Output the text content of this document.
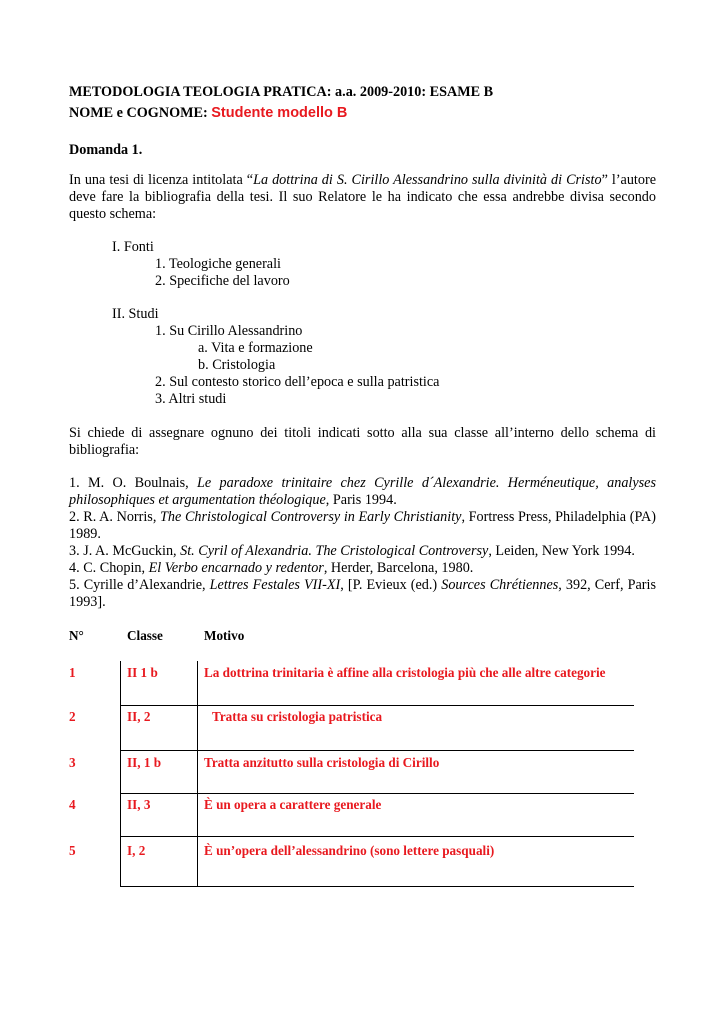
METODOLOGIA TEOLOGIA PRATICA: a.a. 2009-2010: ESAME B
NOME e COGNOME: Studente modello B
Domanda 1.
In una tesi di licenza intitolata “La dottrina di S. Cirillo Alessandrino sulla divinità di Cristo” l’autore deve fare la bibliografia della tesi. Il suo Relatore le ha indicato che essa andrebbe divisa secondo questo schema:
I. Fonti
1. Teologiche generali
2. Specifiche del lavoro
II. Studi
1. Su Cirillo Alessandrino
a. Vita e formazione
b. Cristologia
2. Sul contesto storico dell’epoca e sulla patristica
3. Altri studi
Si chiede di assegnare ognuno dei titoli indicati sotto alla sua classe all’interno dello schema di bibliografia:
1. M. O. Boulnais, Le paradoxe trinitaire chez Cyrille d´Alexandrie. Herméneutique, analyses philosophiques et argumentation théologique, Paris 1994.
2. R. A. Norris, The Christological Controversy in Early Christianity, Fortress Press, Philadelphia (PA) 1989.
3. J. A. McGuckin, St. Cyril of Alexandria. The Cristological Controversy, Leiden, New York 1994.
4. C. Chopin, El Verbo encarnado y redentor, Herder, Barcelona, 1980.
5. Cyrille d’Alexandrie, Lettres Festales VII-XI, [P. Evieux (ed.) Sources Chrétiennes, 392, Cerf, Paris 1993].
N°	Classe	Motivo
1	II 1 b	La dottrina trinitaria è affine alla cristologia più che alle altre categorie
2	II, 2	Tratta su cristologia patristica
3	II, 1 b	Tratta anzitutto sulla cristologia di Cirillo
4	II, 3	È un opera a carattere generale
5	I, 2	È un’opera dell’alessandrino (sono lettere pasquali)
